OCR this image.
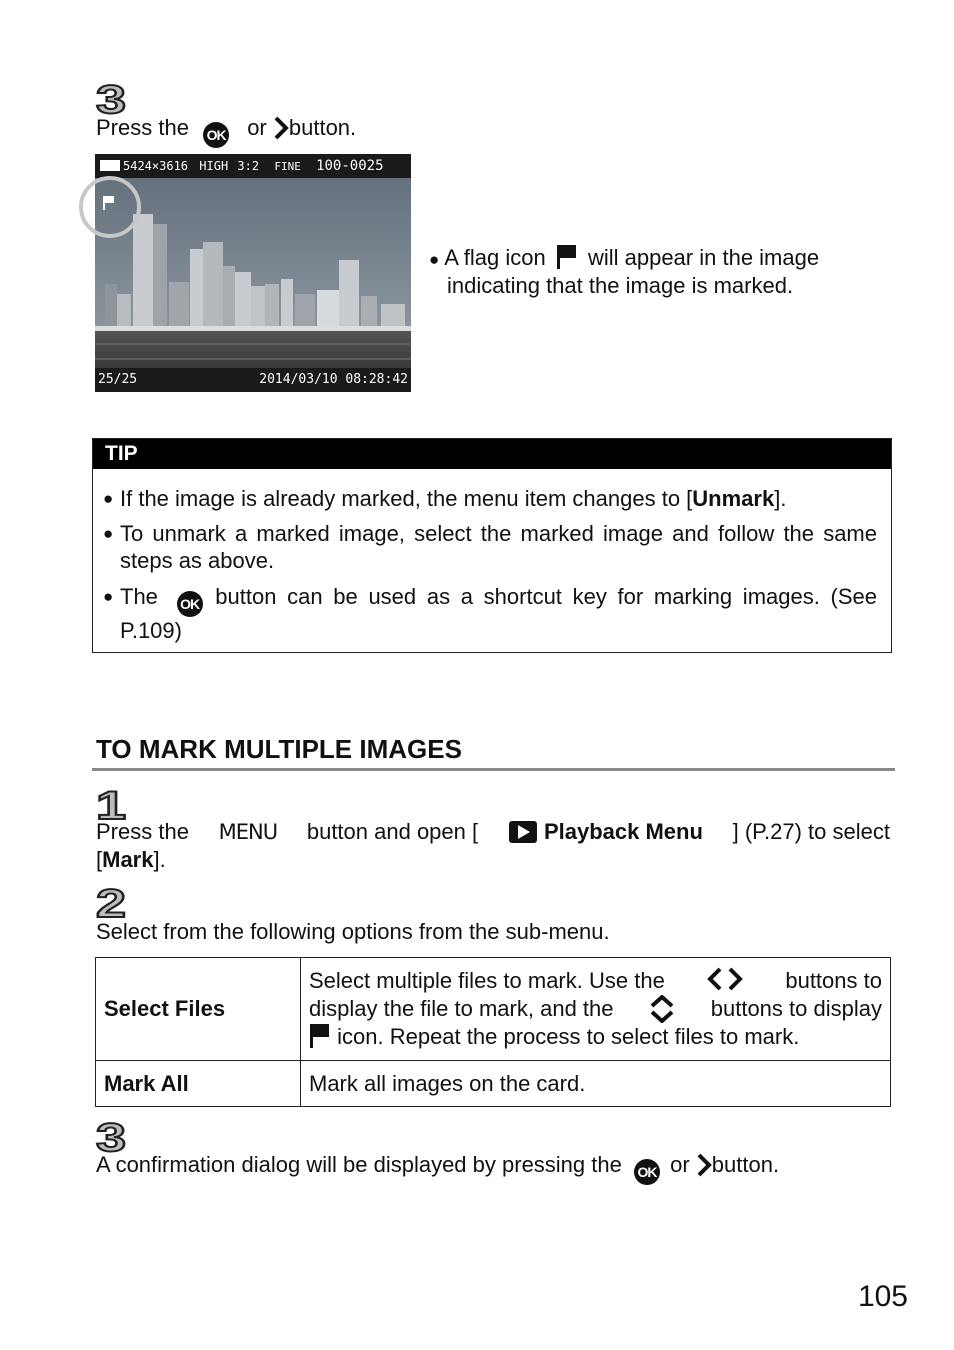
3
Press the OK or button.
5424×3616 HIGH 3:2 FINE 100-0025
25/25	2014/03/10 08:28:42
● A flag icon will appear in the image
indicating that the image is marked.
TIP
● If the image is already marked, the menu item changes to [Unmark].
● To unmark a marked image, select the marked image and follow the same steps as above.
● The OK button can be used as a shortcut key for marking images. (See P.109)
TO MARK MULTIPLE IMAGES
1
Press the MENU button and open [	Playback Menu ] (P.27) to select
[Mark].
2
Select from the following options from the sub-menu.
Select Files	Select multiple files to mark. Use the buttons to
display the file to mark, and the buttons to display
icon. Repeat the process to select files to mark.

Mark All	Mark all images on the card.
3
A confirmation dialog will be displayed by pressing the OK or button.
105
